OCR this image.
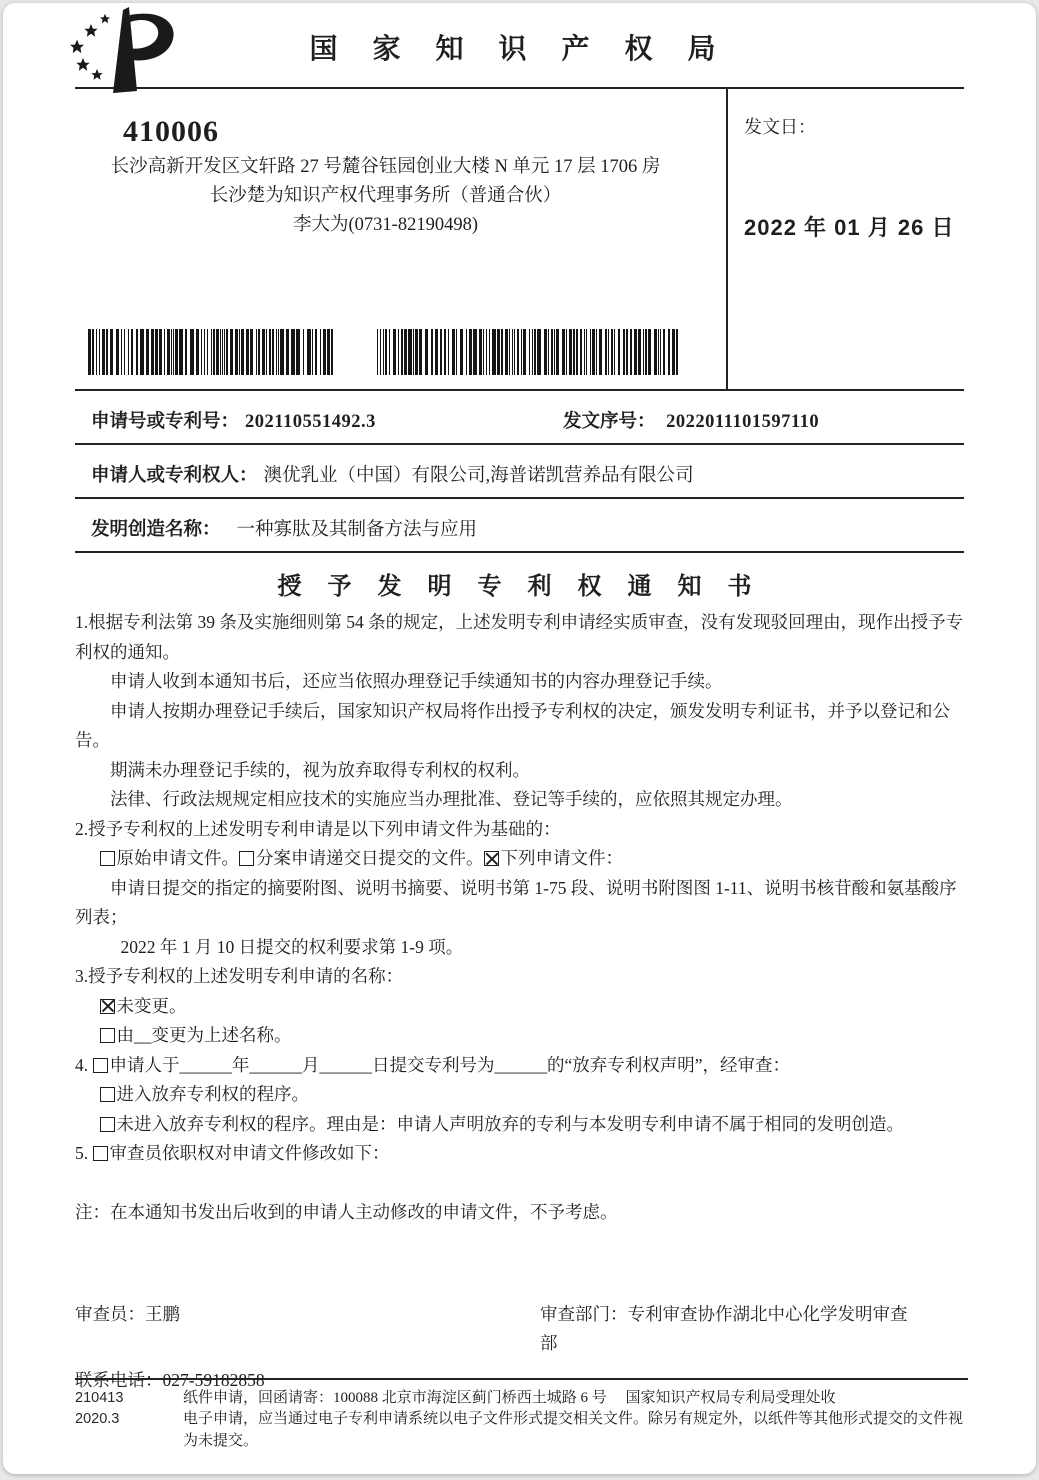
国 家 知 识 产 权 局
410006
长沙高新开发区文轩路 27 号麓谷钰园创业大楼 N 单元 17 层 1706 房
长沙楚为知识产权代理事务所（普通合伙）
李大为(0731-82190498)
发文日：
2022 年 01 月 26 日
申请号或专利号： 202110551492.3	发文序号： 2022011101597110
申请人或专利权人： 澳优乳业（中国）有限公司,海普诺凯营养品有限公司
发明创造名称： 一种寡肽及其制备方法与应用
授 予 发 明 专 利 权 通 知 书
1.根据专利法第 39 条及实施细则第 54 条的规定，上述发明专利申请经实质审查，没有发现驳回理由，现作出授予专利权的通知。
申请人收到本通知书后，还应当依照办理登记手续通知书的内容办理登记手续。
申请人按期办理登记手续后，国家知识产权局将作出授予专利权的决定，颁发发明专利证书，并予以登记和公告。
期满未办理登记手续的，视为放弃取得专利权的权利。
法律、行政法规规定相应技术的实施应当办理批准、登记等手续的，应依照其规定办理。
2.授予专利权的上述发明专利申请是以下列申请文件为基础的：
原始申请文件。 分案申请递交日提交的文件。 下列申请文件：
申请日提交的指定的摘要附图、说明书摘要、说明书第 1-75 段、说明书附图图 1-11、说明书核苷酸和氨基酸序列表；
2022 年 1 月 10 日提交的权利要求第 1-9 项。
3.授予专利权的上述发明专利申请的名称：
未变更。
由__变更为上述名称。
4. 申请人于______年______月______日提交专利号为______的“放弃专利权声明”，经审查：
进入放弃专利权的程序。
未进入放弃专利权的程序。理由是：申请人声明放弃的专利与本发明专利申请不属于相同的发明创造。
5. 审查员依职权对申请文件修改如下：
注：在本通知书发出后收到的申请人主动修改的申请文件，不予考虑。
审查员：王鹏	审查部门：专利审查协作湖北中心化学发明审查部
联系电话：027-59182858
210413
2020.3
纸件申请，回函请寄：100088 北京市海淀区蓟门桥西土城路 6 号　 国家知识产权局专利局受理处收
电子申请，应当通过电子专利申请系统以电子文件形式提交相关文件。除另有规定外，以纸件等其他形式提交的文件视为未提交。
